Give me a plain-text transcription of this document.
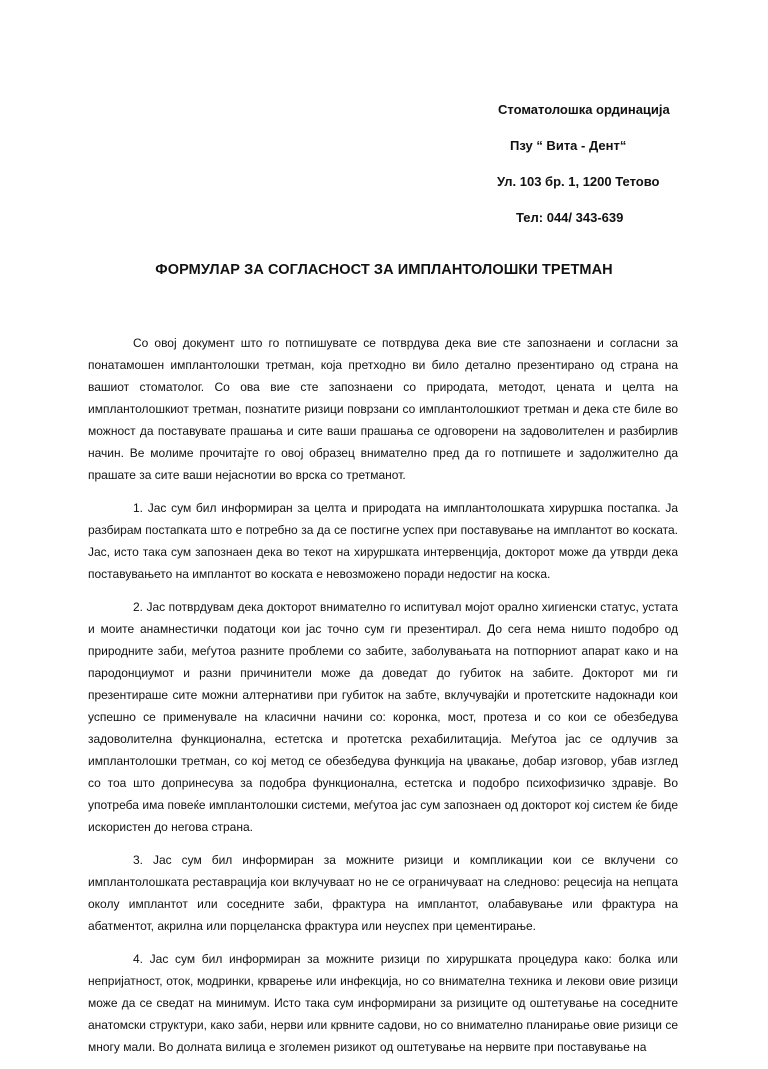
Стоматолошка ординација
Пзу “ Вита - Дент“
Ул. 103 бр. 1, 1200 Тетово
Тел: 044/ 343-639
ФОРМУЛАР ЗА СОГЛАСНОСТ ЗА ИМПЛАНТОЛОШКИ ТРЕТМАН

Со овој документ што го потпишувате се потврдува дека вие сте запознаени и согласни за понатамошен имплантолошки третман, која претходно ви било детално презентирано од страна на вашиот стоматолог. Со ова вие сте запознаени со природата, методот, цената и целта на имплантолошкиот третман, познатите ризици поврзани со имплантолошкиот третман и дека сте биле во можност да поставувате прашања и сите ваши прашања се одговорени на задоволителен и разбирлив начин. Ве молиме прочитајте го овој образец внимателно пред да го потпишете и задолжително да прашате за сите ваши нејаснотии во врска со третманот.

1. Јас сум бил информиран за целта и природата на имплантолошката хируршка постапка. Ја разбирам постапката што е потребно за да се постигне успех при поставување на имплантот во коската. Јас, исто така сум запознаен дека во текот на хируршката интервенција, докторот може да утврди дека поставувањето на имплантот во коската е невозможено поради недостиг на коска.

2. Јас потврдувам дека докторот внимателно го испитувал мојот орално хигиенски статус, устата и моите анамнестички податоци кои јас точно сум ги презентирал. До сега нема ништо подобро од природните заби, меѓутоа разните проблеми со забите, заболувањата на потпорниот апарат како и на пародонциумот и разни причинители може да доведат до губиток на забите. Докторот ми ги презентираше сите можни алтернативи при губиток на забте, вклучувајќи и протетските надокнади кои успешно се применувале на класични начини со: коронка, мост, протеза и со кои се обезбедува задоволителна функционална, естетска и протетска рехабилитација. Меѓутоа јас се одлучив за имплантолошки третман, со кој метод се обезбедува функција на џвакање, добар изговор, убав изглед со тоа што допринесува за подобра функционална, естетска и подобро психофизичко здравје. Во употреба има повеќе имплантолошки системи, меѓутоа јас сум запознаен од докторот кој систем ќе биде искористен до негова страна.

3. Јас сум бил информиран за можните ризици и компликации кои се вклучени со имплантолошката реставрација кои вклучуваат но не се ограничуваат на следново: рецесија на непцата околу имплантот или соседните заби, фрактура на имплантот, олабавување или фрактура на абатментот, акрилна или порцеланска фрактура или неуспех при цементирање.

4. Јас сум бил информиран за можните ризици по хируршката процедура како: болка или непријатност, оток, модринки, крварење или инфекција, но со внимателна техника и лекови овие ризици може да се сведат на минимум. Исто така сум информирани за ризиците од оштетување на соседните анатомски структури, како заби, нерви или крвните садови, но со внимателно планирање овие ризици се многу мали. Во долната вилица е зголемен ризикот од оштетување на нервите при поставување на
